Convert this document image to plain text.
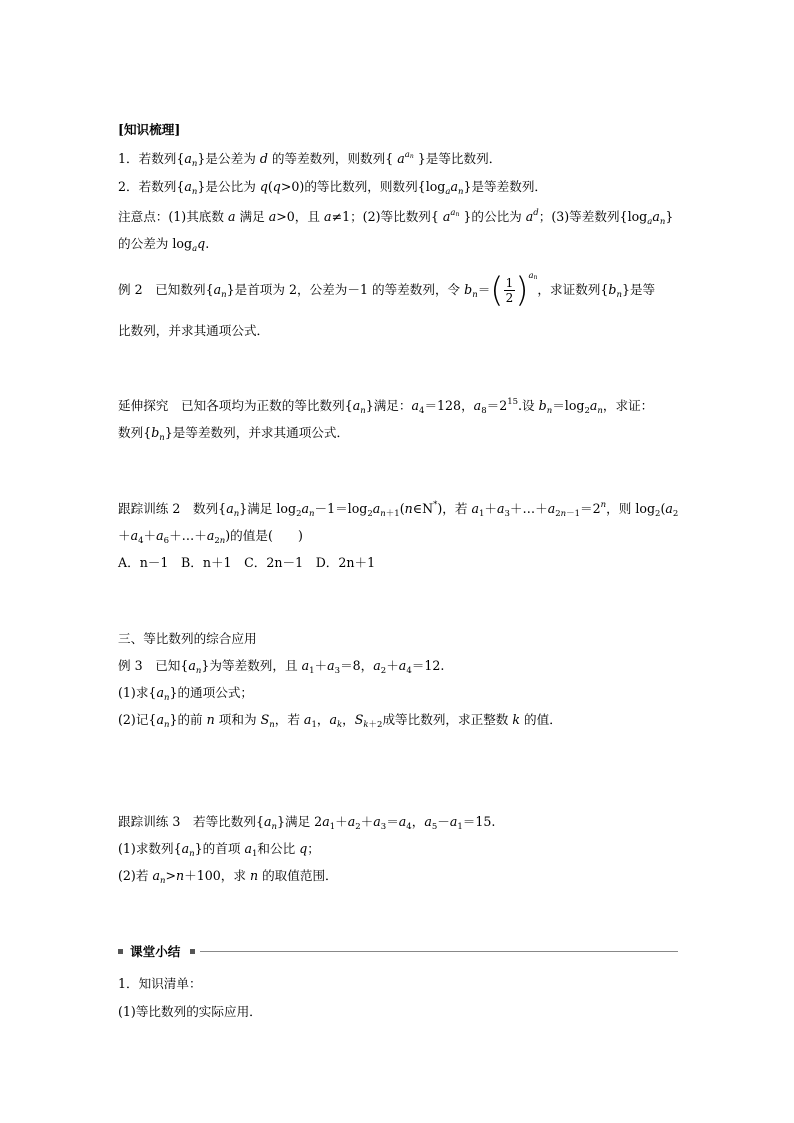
[知识梳理]
1．若数列$\{a_n\}$是公差为 d 的等差数列，则数列{ $a^{a_n}$ }是等比数列．
2．若数列$\{a_n\}$是公比为 q(q>0)的等比数列，则数列$\{\log_aa_n\}$是等差数列．
注意点：(1)其底数 a 满足 a>0，且 a≠1；(2)等比数列{ $a^{a_n}$ }的公比为 $a^d$；(3)等差数列$\{\log_aa_n\}$
的公差为 $\log_aq$.
例 2　已知数列$\{a_n\}$是首项为 2，公差为－1 的等差数列，令 $b_n=( \frac{1}{2} )^{a_n}$，求证数列$\{b_n\}$是等
比数列，并求其通项公式．
延伸探究　已知各项均为正数的等比数列$\{a_n\}$满足：$a_4=128$，$a_8=2^{15}$.设 $b_n=\log_2a_n$，求证：
数列$\{b_n\}$是等差数列，并求其通项公式．
跟踪训练 2　数列$\{a_n\}$满足 $\log_2a_n-1=\log_2a_{n+1}(n\in N^*)$，若 $a_1+a_3+\dots+a_{2n-1}=2^n$，则 $\log_2(a_2$
$+a_4+a_6+\dots+a_{2n}$)的值是(　　)
A．n－1　B．n＋1　C．2n－1　D．2n＋1
三、等比数列的综合应用
例 3　已知$\{a_n\}$为等差数列，且 $a_1+a_3=8$，$a_2+a_4=12$.
(1)求$\{a_n\}$的通项公式；
(2)记$\{a_n\}$的前 n 项和为 $S_n$，若 $a_1$，$a_k$，$S_{k+2}$成等比数列，求正整数 k 的值．
跟踪训练 3　若等比数列$\{a_n\}$满足 $2a_1+a_2+a_3=a_4$，$a_5-a_1=15$.
(1)求数列$\{a_n\}$的首项 $a_1$和公比 q；
(2)若 $a_n>n+100$，求 n 的取值范围．
课堂小结
1．知识清单：
(1)等比数列的实际应用．
